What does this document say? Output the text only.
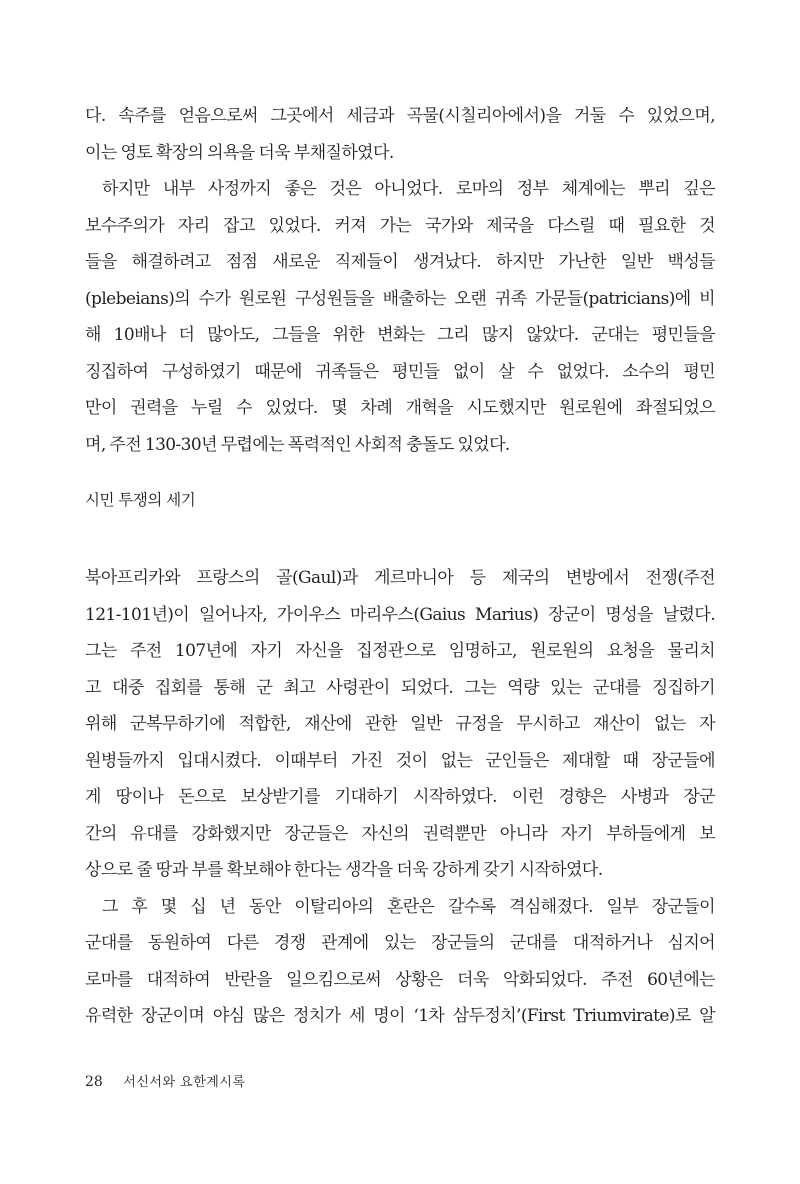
다. 속주를 얻음으로써 그곳에서 세금과 곡물(시칠리아에서)을 거둘 수 있었으며,
이는 영토 확장의 의욕을 더욱 부채질하였다.
하지만 내부 사정까지 좋은 것은 아니었다. 로마의 정부 체계에는 뿌리 깊은
보수주의가 자리 잡고 있었다. 커져 가는 국가와 제국을 다스릴 때 필요한 것
들을 해결하려고 점점 새로운 직제들이 생겨났다. 하지만 가난한 일반 백성들
(plebeians)의 수가 원로원 구성원들을 배출하는 오랜 귀족 가문들(patricians)에 비
해 10배나 더 많아도, 그들을 위한 변화는 그리 많지 않았다. 군대는 평민들을
징집하여 구성하였기 때문에 귀족들은 평민들 없이 살 수 없었다. 소수의 평민
만이 권력을 누릴 수 있었다. 몇 차례 개혁을 시도했지만 원로원에 좌절되었으
며, 주전 130-30년 무렵에는 폭력적인 사회적 충돌도 있었다.
시민 투쟁의 세기
북아프리카와 프랑스의 골(Gaul)과 게르마니아 등 제국의 변방에서 전쟁(주전
121-101년)이 일어나자, 가이우스 마리우스(Gaius Marius) 장군이 명성을 날렸다.
그는 주전 107년에 자기 자신을 집정관으로 임명하고, 원로원의 요청을 물리치
고 대중 집회를 통해 군 최고 사령관이 되었다. 그는 역량 있는 군대를 징집하기
위해 군복무하기에 적합한, 재산에 관한 일반 규정을 무시하고 재산이 없는 자
원병들까지 입대시켰다. 이때부터 가진 것이 없는 군인들은 제대할 때 장군들에
게 땅이나 돈으로 보상받기를 기대하기 시작하였다. 이런 경향은 사병과 장군
간의 유대를 강화했지만 장군들은 자신의 권력뿐만 아니라 자기 부하들에게 보
상으로 줄 땅과 부를 확보해야 한다는 생각을 더욱 강하게 갖기 시작하였다.
그 후 몇 십 년 동안 이탈리아의 혼란은 갈수록 격심해졌다. 일부 장군들이
군대를 동원하여 다른 경쟁 관계에 있는 장군들의 군대를 대적하거나 심지어
로마를 대적하여 반란을 일으킴으로써 상황은 더욱 악화되었다. 주전 60년에는
유력한 장군이며 야심 많은 정치가 세 명이 ‘1차 삼두정치’(First Triumvirate)로 알
28 서신서와 요한계시록
